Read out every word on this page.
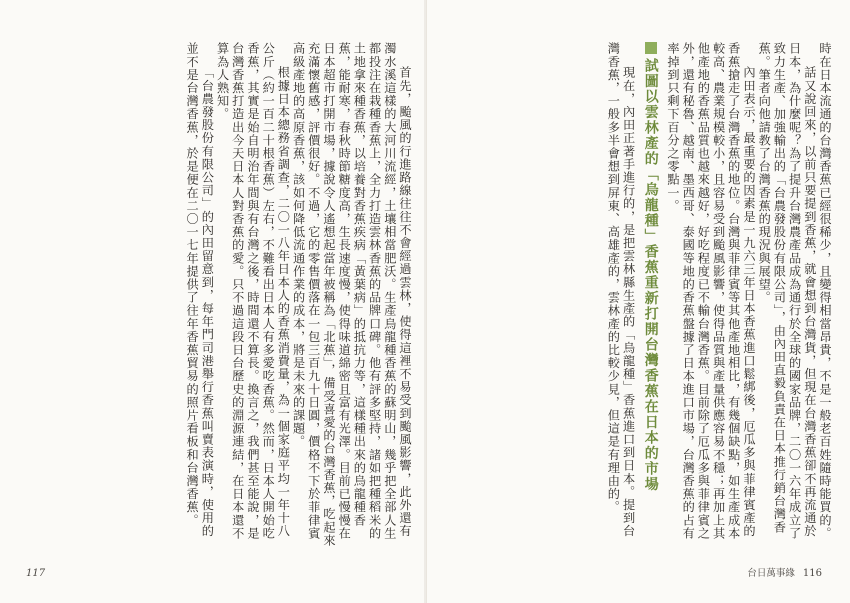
時在日本流通的台灣香蕉已經很稀少，且變得相當昂貴，不是一般老百姓隨時能買的。

話又說回來，以前只要提到香蕉，就會想到台灣貨，但現在台灣香蕉卻不再流通於日本，為什麼呢？為了提升台灣農產品成為通行於全球的國家品牌，二〇一六年成立了致力生產、加強輸出的「台農發股份有限公司」，由內田直毅負責在日本推行銷台灣香蕉。筆者向他請教了台灣香蕉的現況與展望。

內田表示，最重要的因素是一九六三年日本香蕉進口鬆綁後，厄瓜多與菲律賓產的香蕉搶走了台灣香蕉的地位。台灣與菲律賓等其他產地相比，有幾個缺點，如生產成本較高、農業規模較小，且容易受到颱風影響，使得品質與產量供應容易不穩；再加上其他產地的香蕉品質也越來越好，好吃程度已不輸台灣香蕉。目前除了厄瓜多與菲律賓之外，還有秘魯、越南、墨西哥、泰國等地的香蕉盤據了日本進口市場，台灣香蕉的占有率掉到只剩下百分之零點一。

試圖以雲林產的「烏龍種」香蕉重新打開台灣香蕉在日本的市場

現在，內田正著手進行的，是把雲林縣生產的「烏龍種」香蕉進口到日本。提到台灣香蕉，一般多半會想到屏東、高雄產的，雲林產的比較少見，但這是有理由的。

台日萬事緣 116

首先，颱風的行進路線往往不會經過雲林，使得這裡不易受到颱風影響，此外還有濁水溪這樣的大河川流經，土壤相當肥沃。生產烏龍種香蕉的蘇明山，幾乎把全部人生都投注在栽種香蕉上，全力打造雲林香蕉的品牌口碑。他有評多堅持，諸如把種稻米的土地拿來種香蕉，以培養對香蕉疾病「黃葉病」的抵抗力等，這樣種出來的烏龍種香蕉，能耐寒，春秋時節糖度高，生長速度慢，使得味道綿密且富有光澤。目前已慢慢在日本超市打開市場，據說令人遙想起當年被稱為「北蕉」，備受喜愛的台灣香蕉，吃起來充滿懷舊感，評價很好。不過，它的零售價落在一包三百九十日圓，價格不下於菲律賓高級產地的高原香蕉，該如何降低流通作業的成本，將是未來的課題。

根據日本總務省調查，二〇一八年日本人的香蕉消費量，為一個家庭平均一年十八公斤（約一百二十根香蕉）左右，不難看出日本人有多愛吃香蕉。然而，日本人開始吃香蕉，其實是始自明治年間與有台灣之後，時間還不算長。換言之，我們甚至能說，是台灣香蕉打造出今天日本人對香蕉的愛。只不過這段日台歷史的淵源連結，在日本還不算為人熟知。

「台農發股份有限公司」的內田留意到，每年門司港舉行香蕉叫賣表演時，使用的並不是台灣香蕉，於是便在二〇一七年提供了往年香蕉貿易的照片看板和台灣香蕉。

117
